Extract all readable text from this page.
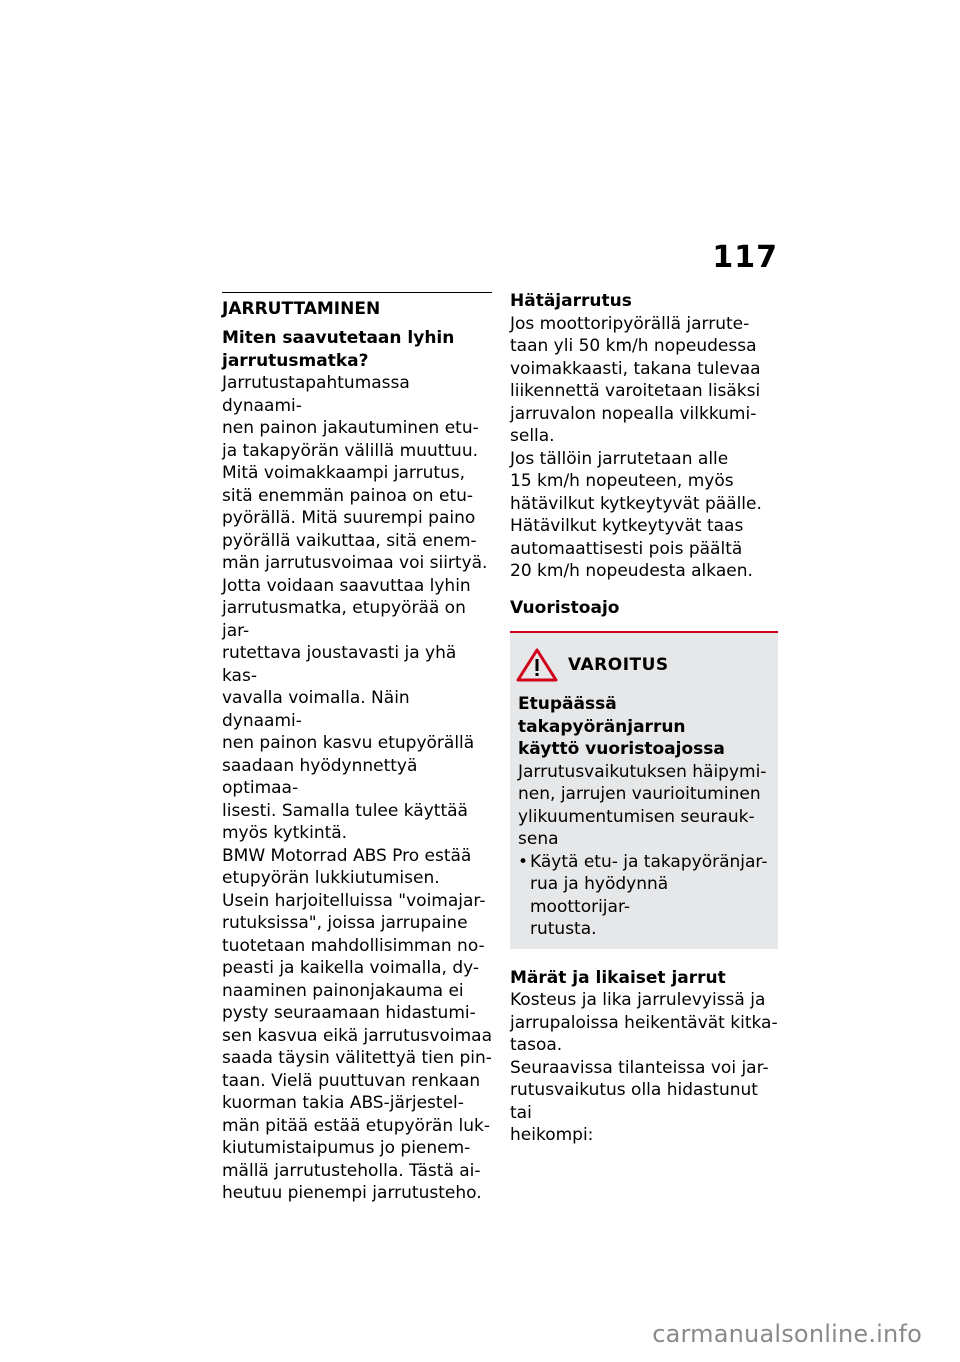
117
JARRUTTAMINEN
Miten saavutetaan lyhin
jarrutusmatka?
Jarrutustapahtumassa dynaami-
nen painon jakautuminen etu-
ja takapyörän välillä muuttuu.
Mitä voimakkaampi jarrutus,
sitä enemmän painoa on etu-
pyörällä. Mitä suurempi paino
pyörällä vaikuttaa, sitä enem-
män jarrutusvoimaa voi siirtyä.
Jotta voidaan saavuttaa lyhin
jarrutusmatka, etupyörää on jar-
rutettava joustavasti ja yhä kas-
vavalla voimalla. Näin dynaami-
nen painon kasvu etupyörällä
saadaan hyödynnettyä optimaa-
lisesti. Samalla tulee käyttää
myös kytkintä.
BMW Motorrad ABS Pro estää
etupyörän lukkiutumisen.
Usein harjoitelluissa "voimajar-
rutuksissa", joissa jarrupaine
tuotetaan mahdollisimman no-
peasti ja kaikella voimalla, dy-
naaminen painonjakauma ei
pysty seuraamaan hidastumi-
sen kasvua eikä jarrutusvoimaa
saada täysin välitettyä tien pin-
taan. Vielä puuttuvan renkaan
kuorman takia ABS-järjestel-
män pitää estää etupyörän luk-
kiutumistaipumus jo pienem-
mällä jarrutusteholla. Tästä ai-
heutuu pienempi jarrutusteho.
Hätäjarrutus
Jos moottoripyörällä jarrute-
taan yli 50 km/h nopeudessa
voimakkaasti, takana tulevaa
liikennettä varoitetaan lisäksi
jarruvalon nopealla vilkkumi-
sella.
Jos tällöin jarrutetaan alle
15 km/h nopeuteen, myös
hätävilkut kytkeytyvät päälle.
Hätävilkut kytkeytyvät taas
automaattisesti pois päältä
20 km/h nopeudesta alkaen.
Vuoristoajo
VAROITUS
Etupäässä takapyöränjarrun
käyttö vuoristoajossa
Jarrutusvaikutuksen häipymi-
nen, jarrujen vaurioituminen
ylikuumentumisen seurauk-
sena
• Käytä etu- ja takapyöränjar-
rua ja hyödynnä moottorijar-
rutusta.
Märät ja likaiset jarrut
Kosteus ja lika jarrulevyissä ja
jarrupaloissa heikentävät kitka-
tasoa.
Seuraavissa tilanteissa voi jar-
rutusvaikutus olla hidastunut tai
heikompi:
carmanualsonline.info
